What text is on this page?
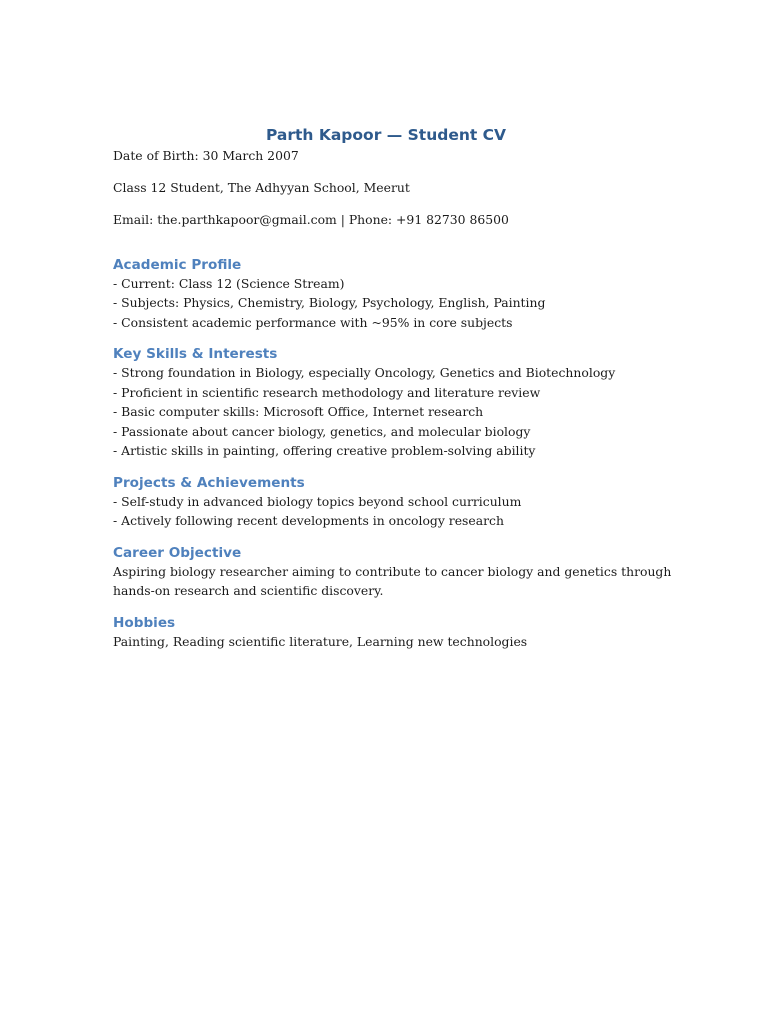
Parth Kapoor — Student CV

Date of Birth: 30 March 2007

Class 12 Student, The Adhyyan School, Meerut

Email: the.parthkapoor@gmail.com | Phone: +91 82730 86500

Academic Profile

- Current: Class 12 (Science Stream)

- Subjects: Physics, Chemistry, Biology, Psychology, English, Painting

- Consistent academic performance with ~95% in core subjects

Key Skills & Interests

- Strong foundation in Biology, especially Oncology, Genetics and Biotechnology

- Proficient in scientific research methodology and literature review

- Basic computer skills: Microsoft Office, Internet research

- Passionate about cancer biology, genetics, and molecular biology

- Artistic skills in painting, offering creative problem-solving ability

Projects & Achievements

- Self-study in advanced biology topics beyond school curriculum

- Actively following recent developments in oncology research

Career Objective

Aspiring biology researcher aiming to contribute to cancer biology and genetics through

hands-on research and scientific discovery.

Hobbies

Painting, Reading scientific literature, Learning new technologies
